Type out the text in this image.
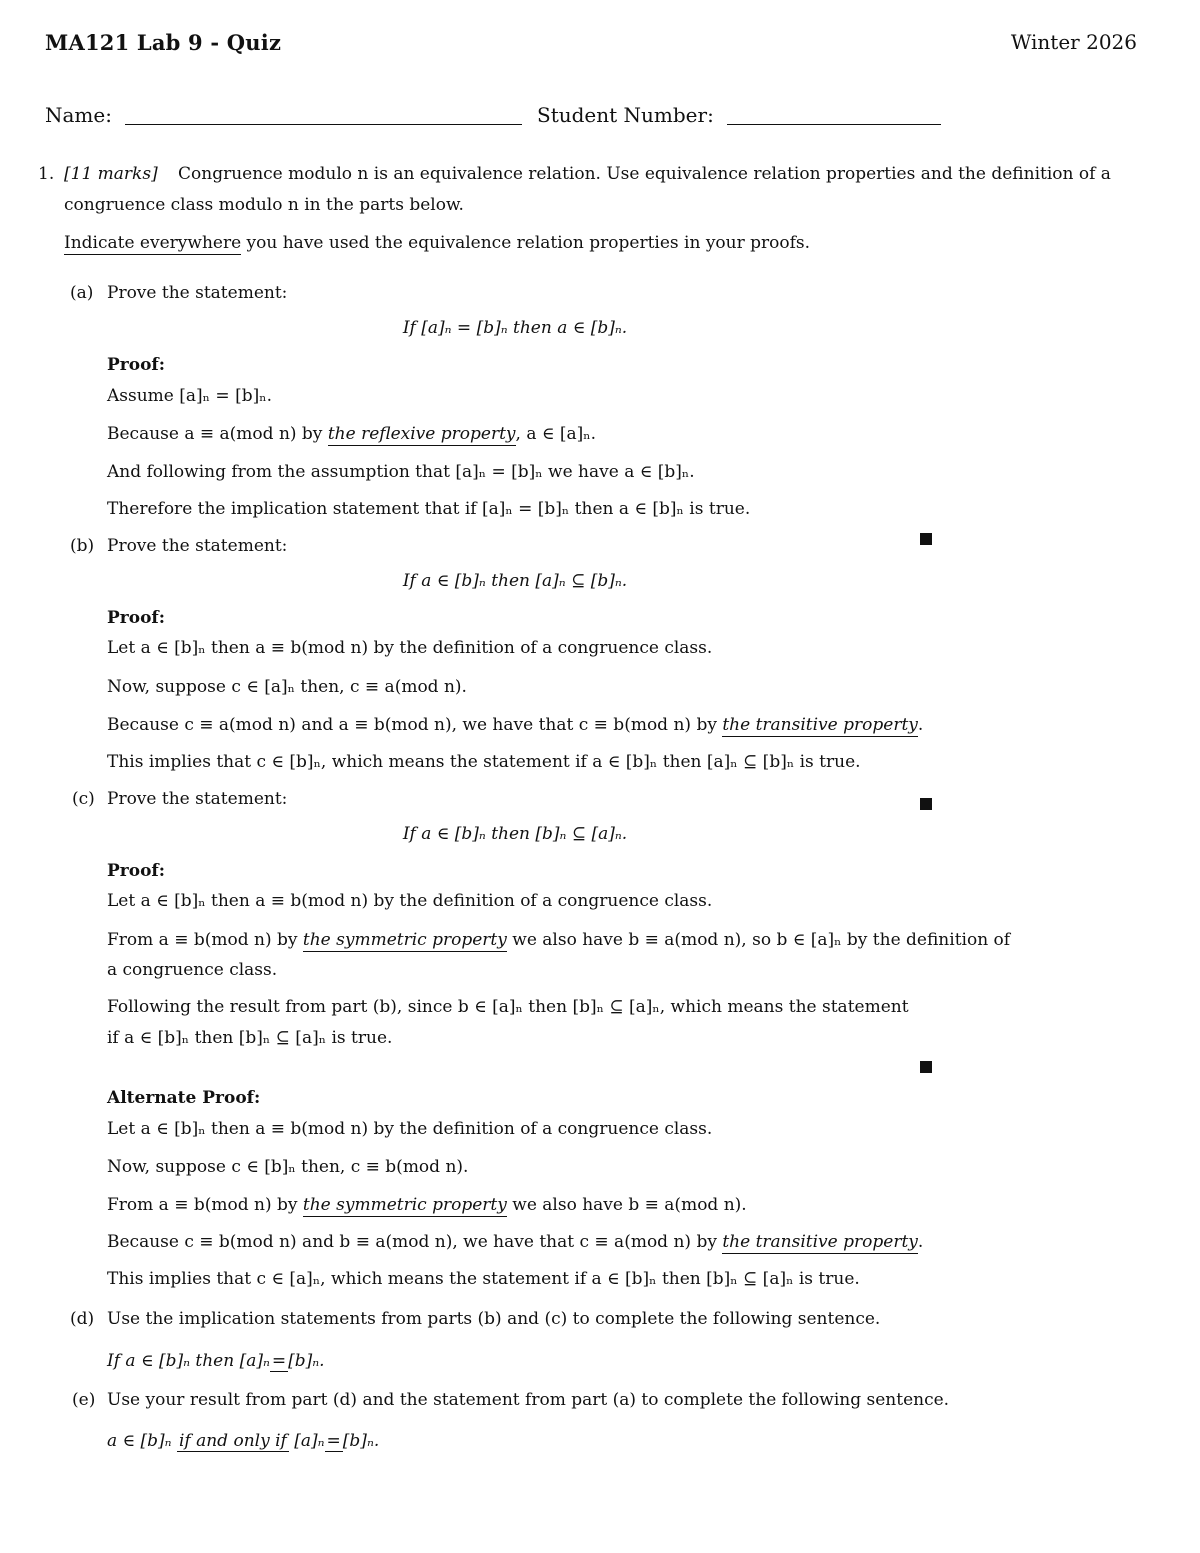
MA121 Lab 9 - Quiz	Winter 2026
Name:	Student Number:
1. [11 marks] Congruence modulo n is an equivalence relation. Use equivalence relation properties and the definition of a
congruence class modulo n in the parts below.
Indicate everywhere you have used the equivalence relation properties in your proofs.
(a) Prove the statement:
If [a]ₙ = [b]ₙ then a ∈ [b]ₙ.
Proof:
Assume [a]ₙ = [b]ₙ.
Because a ≡ a(mod n) by the reflexive property, a ∈ [a]ₙ.
And following from the assumption that [a]ₙ = [b]ₙ we have a ∈ [b]ₙ.
Therefore the implication statement that if [a]ₙ = [b]ₙ then a ∈ [b]ₙ is true.
(b) Prove the statement:
If a ∈ [b]ₙ then [a]ₙ ⊆ [b]ₙ.
Proof:
Let a ∈ [b]ₙ then a ≡ b(mod n) by the definition of a congruence class.
Now, suppose c ∈ [a]ₙ then, c ≡ a(mod n).
Because c ≡ a(mod n) and a ≡ b(mod n), we have that c ≡ b(mod n) by the transitive property.
This implies that c ∈ [b]ₙ, which means the statement if a ∈ [b]ₙ then [a]ₙ ⊆ [b]ₙ is true.
(c) Prove the statement:
If a ∈ [b]ₙ then [b]ₙ ⊆ [a]ₙ.
Proof:
Let a ∈ [b]ₙ then a ≡ b(mod n) by the definition of a congruence class.
From a ≡ b(mod n) by the symmetric property we also have b ≡ a(mod n), so b ∈ [a]ₙ by the definition of
a congruence class.
Following the result from part (b), since b ∈ [a]ₙ then [b]ₙ ⊆ [a]ₙ, which means the statement
if a ∈ [b]ₙ then [b]ₙ ⊆ [a]ₙ is true.
Alternate Proof:
Let a ∈ [b]ₙ then a ≡ b(mod n) by the definition of a congruence class.
Now, suppose c ∈ [b]ₙ then, c ≡ b(mod n).
From a ≡ b(mod n) by the symmetric property we also have b ≡ a(mod n).
Because c ≡ b(mod n) and b ≡ a(mod n), we have that c ≡ a(mod n) by the transitive property.
This implies that c ∈ [a]ₙ, which means the statement if a ∈ [b]ₙ then [b]ₙ ⊆ [a]ₙ is true.
(d) Use the implication statements from parts (b) and (c) to complete the following sentence.
If a ∈ [b]ₙ then [a]ₙ = [b]ₙ.
(e) Use your result from part (d) and the statement from part (a) to complete the following sentence.
a ∈ [b]ₙ if and only if [a]ₙ = [b]ₙ.
